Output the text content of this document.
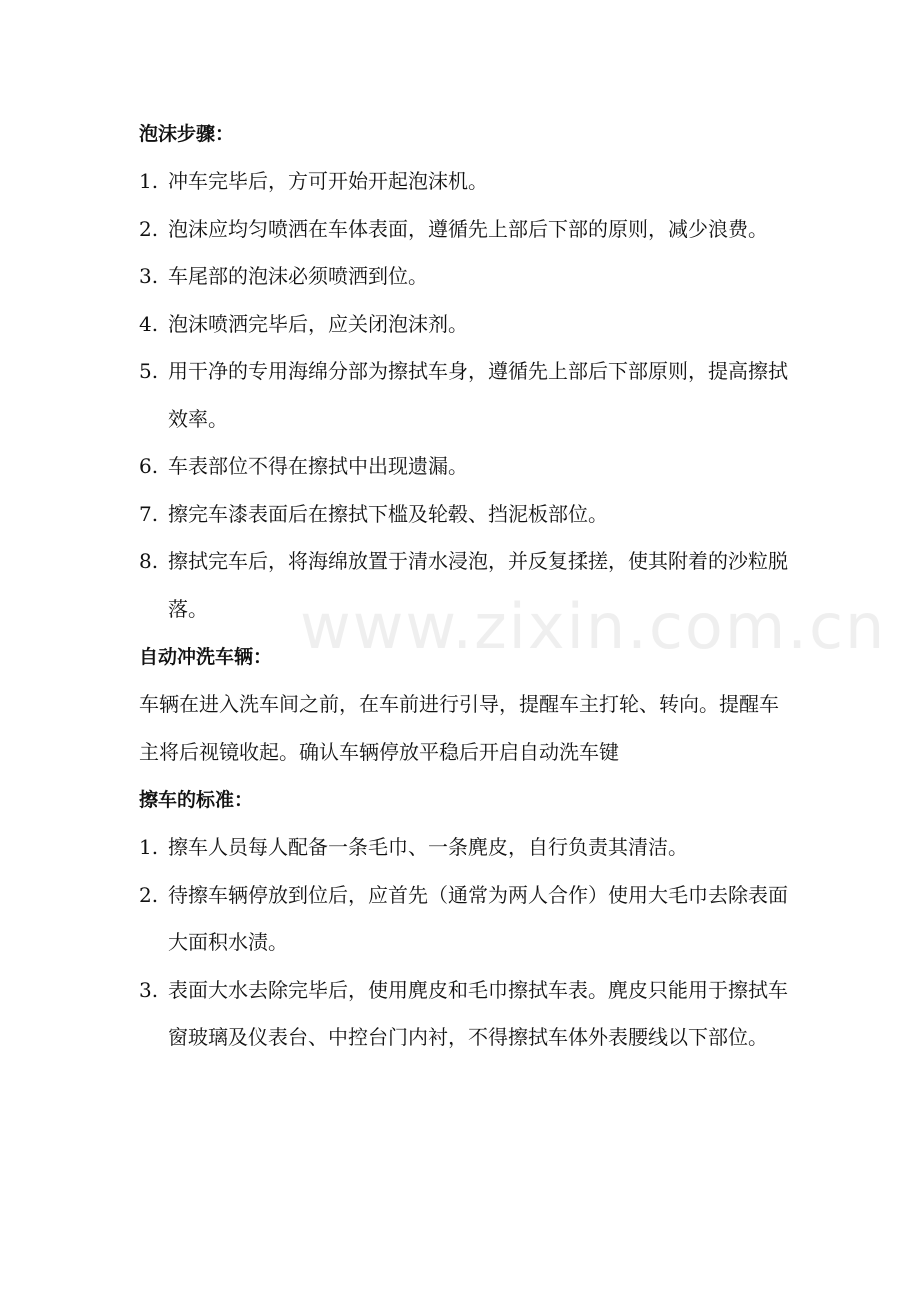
www.zixin.com.cn

泡沫步骤：

1. 冲车完毕后，方可开始开起泡沫机。

2. 泡沫应均匀喷洒在车体表面，遵循先上部后下部的原则，减少浪费。

3. 车尾部的泡沫必须喷洒到位。

4. 泡沫喷洒完毕后，应关闭泡沫剂。

5. 用干净的专用海绵分部为擦拭车身，遵循先上部后下部原则，提高擦拭效率。

6. 车表部位不得在擦拭中出现遗漏。

7. 擦完车漆表面后在擦拭下槛及轮毂、挡泥板部位。

8. 擦拭完车后，将海绵放置于清水浸泡，并反复揉搓，使其附着的沙粒脱落。

自动冲洗车辆：

车辆在进入洗车间之前，在车前进行引导，提醒车主打轮、转向。提醒车主将后视镜收起。确认车辆停放平稳后开启自动洗车键

擦车的标准：

1. 擦车人员每人配备一条毛巾、一条麂皮，自行负责其清洁。

2. 待擦车辆停放到位后，应首先（通常为两人合作）使用大毛巾去除表面大面积水渍。

3. 表面大水去除完毕后，使用麂皮和毛巾擦拭车表。麂皮只能用于擦拭车窗玻璃及仪表台、中控台门内衬，不得擦拭车体外表腰线以下部位。
